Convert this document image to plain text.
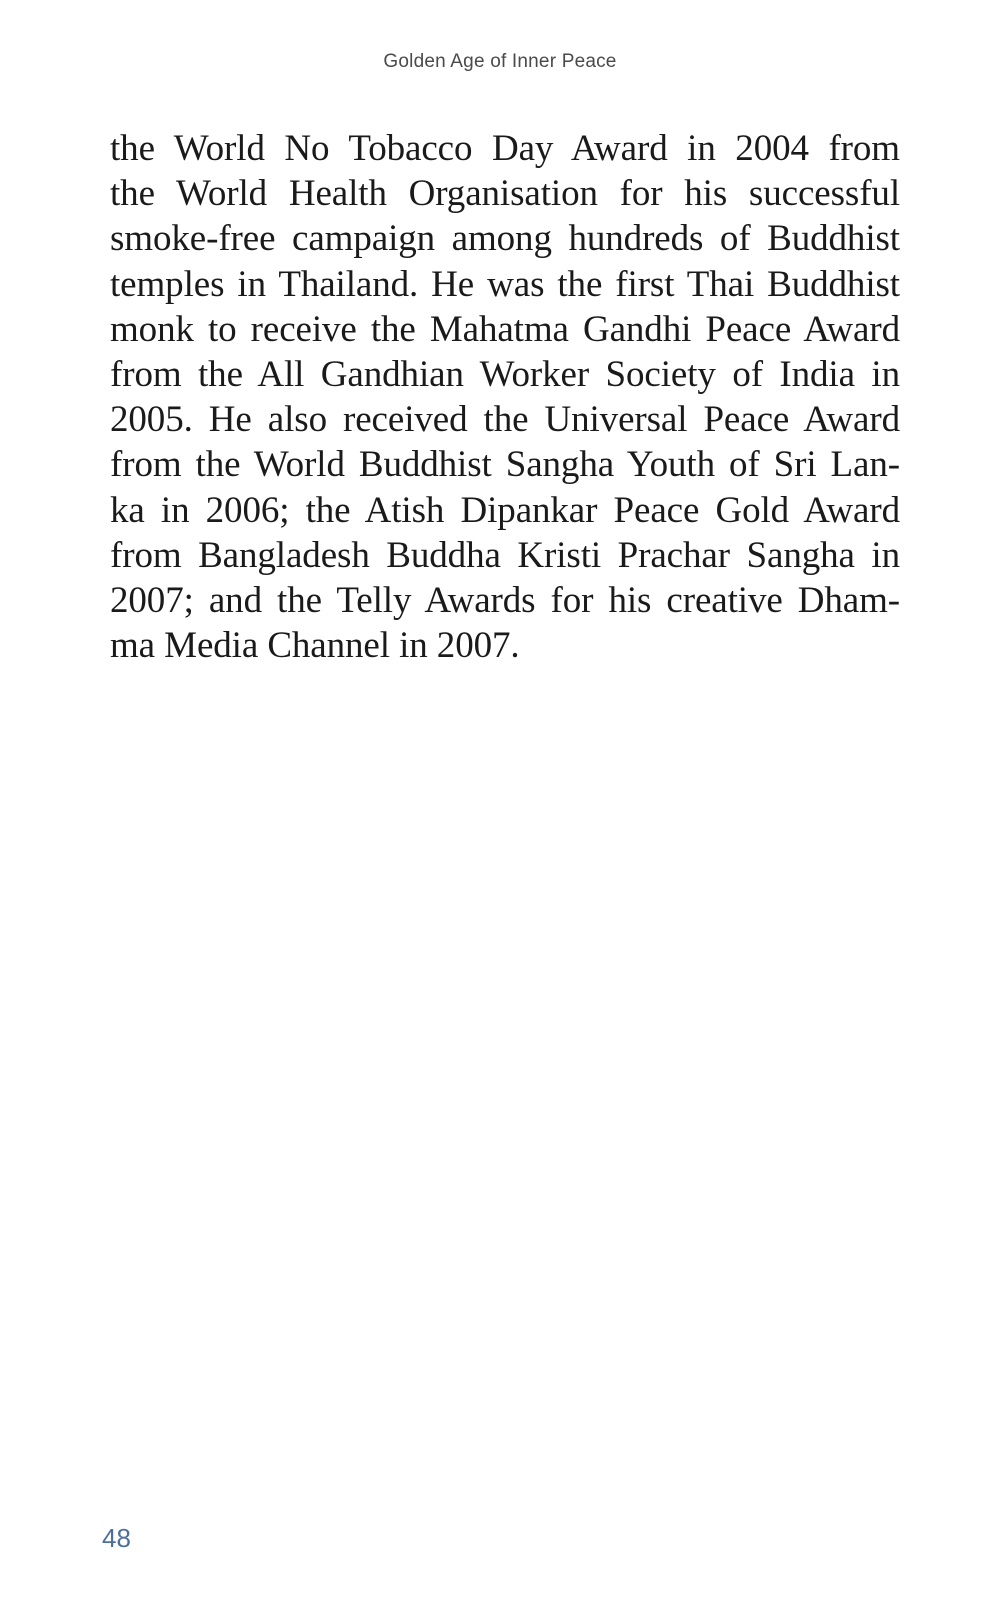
Golden Age of Inner Peace

the World No Tobacco Day Award in 2004 from
the World Health Organisation for his successful
smoke-free campaign among hundreds of Buddhist
temples in Thailand. He was the first Thai Buddhist
monk to receive the Mahatma Gandhi Peace Award
from the All Gandhian Worker Society of India in
2005. He also received the Universal Peace Award
from the World Buddhist Sangha Youth of Sri Lan-
ka in 2006; the Atish Dipankar Peace Gold Award
from Bangladesh Buddha Kristi Prachar Sangha in
2007; and the Telly Awards for his creative Dham-
ma Media Channel in 2007.

48
